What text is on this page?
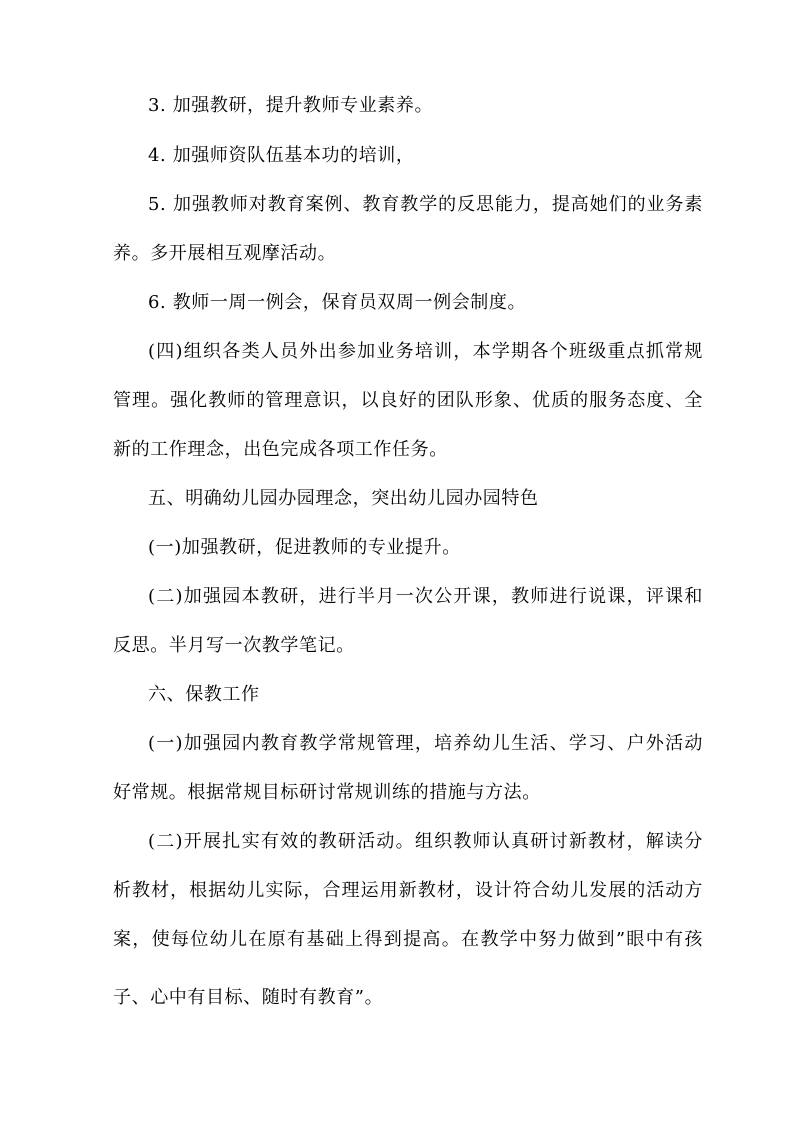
3. 加强教研，提升教师专业素养。
4. 加强师资队伍基本功的培训，
5. 加强教师对教育案例、教育教学的反思能力，提高她们的业务素
养。多开展相互观摩活动。
6. 教师一周一例会，保育员双周一例会制度。
(四)组织各类人员外出参加业务培训，本学期各个班级重点抓常规
管理。强化教师的管理意识，以良好的团队形象、优质的服务态度、全
新的工作理念，出色完成各项工作任务。
五、明确幼儿园办园理念，突出幼儿园办园特色
(一)加强教研，促进教师的专业提升。
(二)加强园本教研，进行半月一次公开课，教师进行说课，评课和
反思。半月写一次教学笔记。
六、保教工作
(一)加强园内教育教学常规管理，培养幼儿生活、学习、户外活动
好常规。根据常规目标研讨常规训练的措施与方法。
(二)开展扎实有效的教研活动。组织教师认真研讨新教材，解读分
析教材，根据幼儿实际，合理运用新教材，设计符合幼儿发展的活动方
案，使每位幼儿在原有基础上得到提高。在教学中努力做到”眼中有孩
子、心中有目标、随时有教育”。
